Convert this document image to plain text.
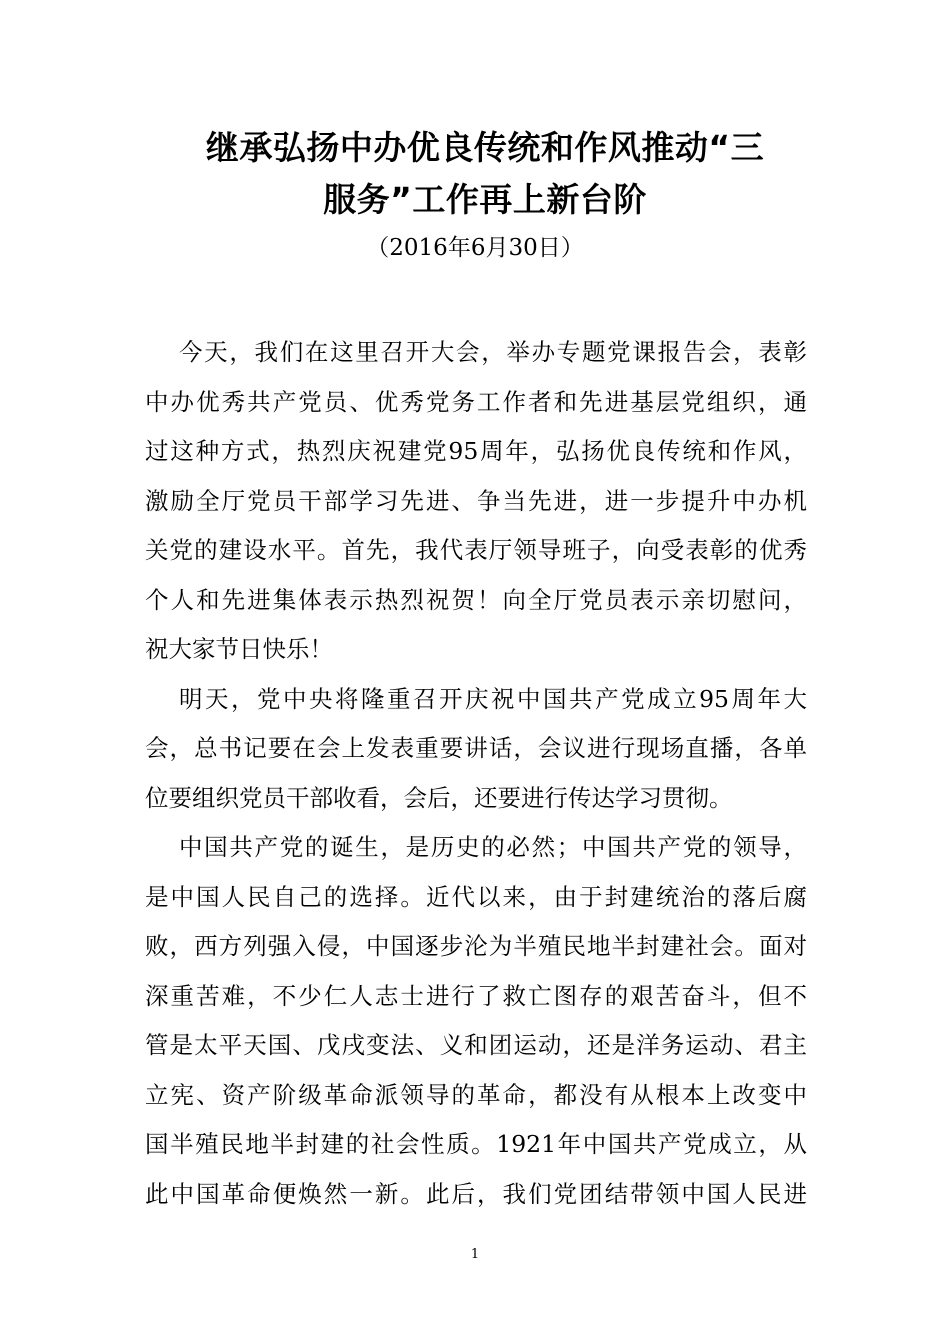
继承弘扬中办优良传统和作风推动“三
服务”工作再上新台阶
（2016年6月30日）
今天，我们在这里召开大会，举办专题党课报告会，表彰
中办优秀共产党员、优秀党务工作者和先进基层党组织，通
过这种方式，热烈庆祝建党95周年，弘扬优良传统和作风，
激励全厅党员干部学习先进、争当先进，进一步提升中办机
关党的建设水平。首先，我代表厅领导班子，向受表彰的优秀
个人和先进集体表示热烈祝贺！向全厅党员表示亲切慰问，
祝大家节日快乐！
明天，党中央将隆重召开庆祝中国共产党成立95周年大
会，总书记要在会上发表重要讲话，会议进行现场直播，各单
位要组织党员干部收看，会后，还要进行传达学习贯彻。
中国共产党的诞生，是历史的必然；中国共产党的领导，
是中国人民自己的选择。近代以来，由于封建统治的落后腐
败，西方列强入侵，中国逐步沦为半殖民地半封建社会。面对
深重苦难，不少仁人志士进行了救亡图存的艰苦奋斗，但不
管是太平天国、戊戌变法、义和团运动，还是洋务运动、君主
立宪、资产阶级革命派领导的革命，都没有从根本上改变中
国半殖民地半封建的社会性质。1921年中国共产党成立，从
此中国革命便焕然一新。此后，我们党团结带领中国人民进
1
